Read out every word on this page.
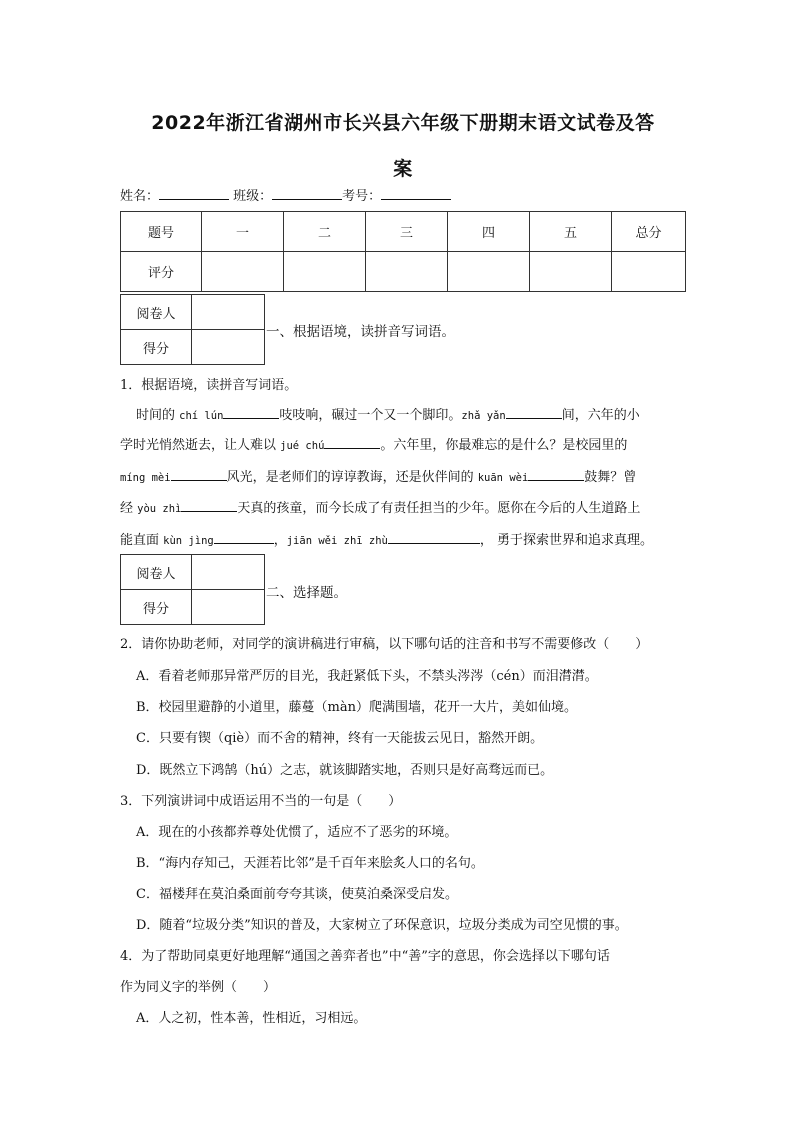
2022年浙江省湖州市长兴县六年级下册期末语文试卷及答
案
姓名：	班级：	考号：
题号	一	二	三	四	五	总分
评分						
阅卷人	
得分	
一、根据语境，读拼音写词语。
1．根据语境，读拼音写词语。
时间的 chí lún	吱吱响，碾过一个又一个脚印。zhǎ yǎn	间，六年的小
学时光悄然逝去，让人难以 jué chú	。六年里，你最难忘的是什么？是校园里的
míng mèi	风光，是老师们的谆谆教诲，还是伙伴间的 kuān wèi	鼓舞？曾
经 yòu zhì	天真的孩童，而今长成了有责任担当的少年。愿你在今后的人生道路上
能直面 kùn jìng	，jiān wěi zhī zhù	， 勇于探索世界和追求真理。
阅卷人	
得分	
二、选择题。
2．请你协助老师，对同学的演讲稿进行审稿，以下哪句话的注音和书写不需要修改（　　）
A．看着老师那异常严厉的目光，我赶紧低下头，不禁头涔涔（cén）而泪潸潸。
B．校园里避静的小道里，藤蔓（màn）爬满围墙，花开一大片，美如仙境。
C．只要有锲（qiè）而不舍的精神，终有一天能拔云见日，豁然开朗。
D．既然立下鸿鹄（hú）之志，就该脚踏实地，否则只是好高骛远而已。
3．下列演讲词中成语运用不当的一句是（　　）
A．现在的小孩都养尊处优惯了，适应不了恶劣的环境。
B．“海内存知己，天涯若比邻”是千百年来脍炙人口的名句。
C．福楼拜在莫泊桑面前夸夸其谈，使莫泊桑深受启发。
D．随着“垃圾分类”知识的普及，大家树立了环保意识，垃圾分类成为司空见惯的事。
4．为了帮助同桌更好地理解“通国之善弈者也”中“善”字的意思，你会选择以下哪句话
作为同义字的举例（　　）
A．人之初，性本善，性相近，习相远。
